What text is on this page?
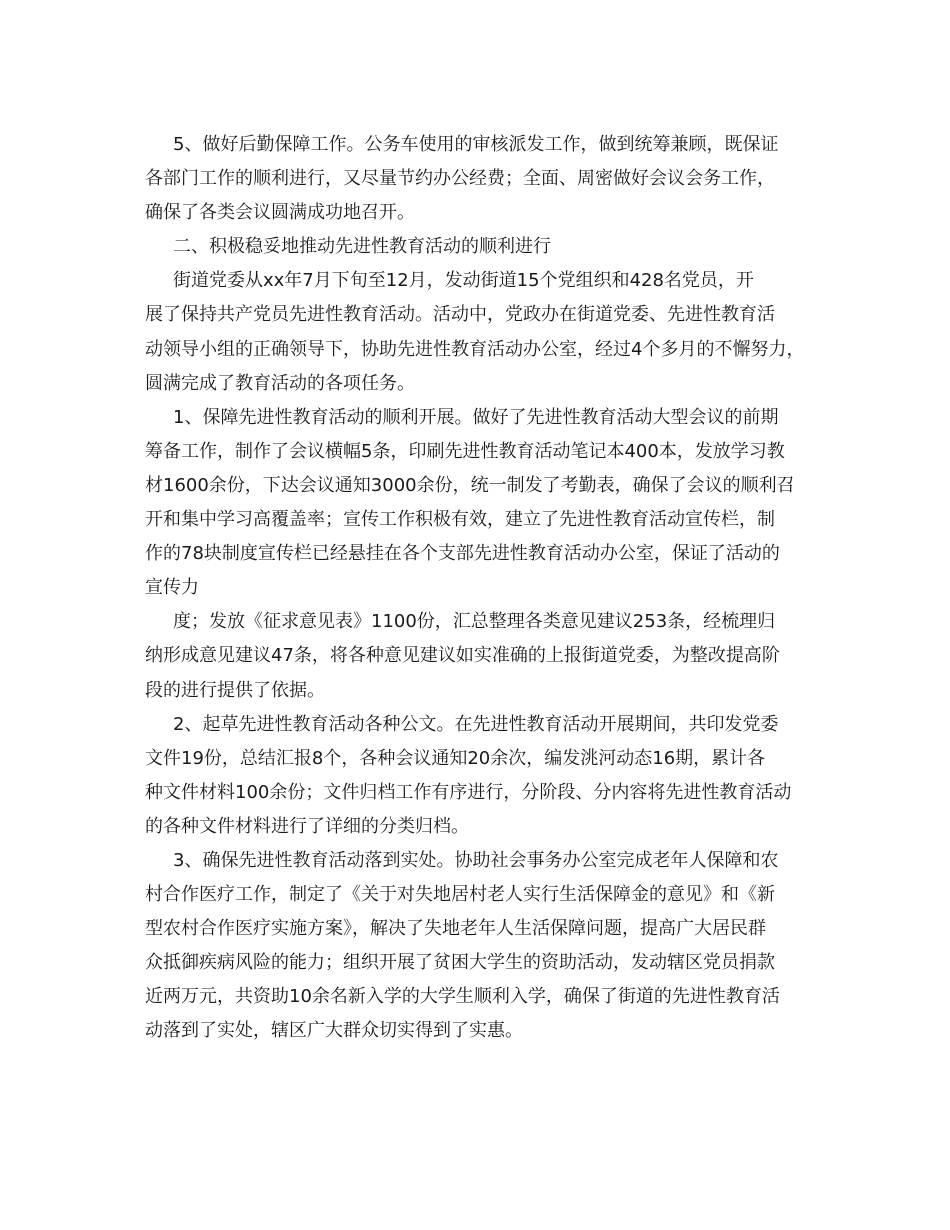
5、做好后勤保障工作。公务车使用的审核派发工作，做到统筹兼顾，既保证
各部门工作的顺利进行，又尽量节约办公经费；全面、周密做好会议会务工作，
确保了各类会议圆满成功地召开。
二、积极稳妥地推动先进性教育活动的顺利进行
街道党委从xx年7月下旬至12月，发动街道15个党组织和428名党员，开
展了保持共产党员先进性教育活动。活动中，党政办在街道党委、先进性教育活
动领导小组的正确领导下，协助先进性教育活动办公室，经过4个多月的不懈努力，
圆满完成了教育活动的各项任务。
1、保障先进性教育活动的顺利开展。做好了先进性教育活动大型会议的前期
筹备工作，制作了会议横幅5条，印刷先进性教育活动笔记本400本，发放学习教
材1600余份，下达会议通知3000余份，统一制发了考勤表，确保了会议的顺利召
开和集中学习高覆盖率；宣传工作积极有效，建立了先进性教育活动宣传栏，制
作的78块制度宣传栏已经悬挂在各个支部先进性教育活动办公室，保证了活动的
宣传力
度；发放《征求意见表》1100份，汇总整理各类意见建议253条，经梳理归
纳形成意见建议47条，将各种意见建议如实准确的上报街道党委，为整改提高阶
段的进行提供了依据。
2、起草先进性教育活动各种公文。在先进性教育活动开展期间，共印发党委
文件19份，总结汇报8个，各种会议通知20余次，编发洮河动态16期，累计各
种文件材料100余份；文件归档工作有序进行，分阶段、分内容将先进性教育活动
的各种文件材料进行了详细的分类归档。
3、确保先进性教育活动落到实处。协助社会事务办公室完成老年人保障和农
村合作医疗工作，制定了《关于对失地居村老人实行生活保障金的意见》和《新
型农村合作医疗实施方案》，解决了失地老年人生活保障问题，提高广大居民群
众抵御疾病风险的能力；组织开展了贫困大学生的资助活动，发动辖区党员捐款
近两万元，共资助10余名新入学的大学生顺利入学，确保了街道的先进性教育活
动落到了实处，辖区广大群众切实得到了实惠。
